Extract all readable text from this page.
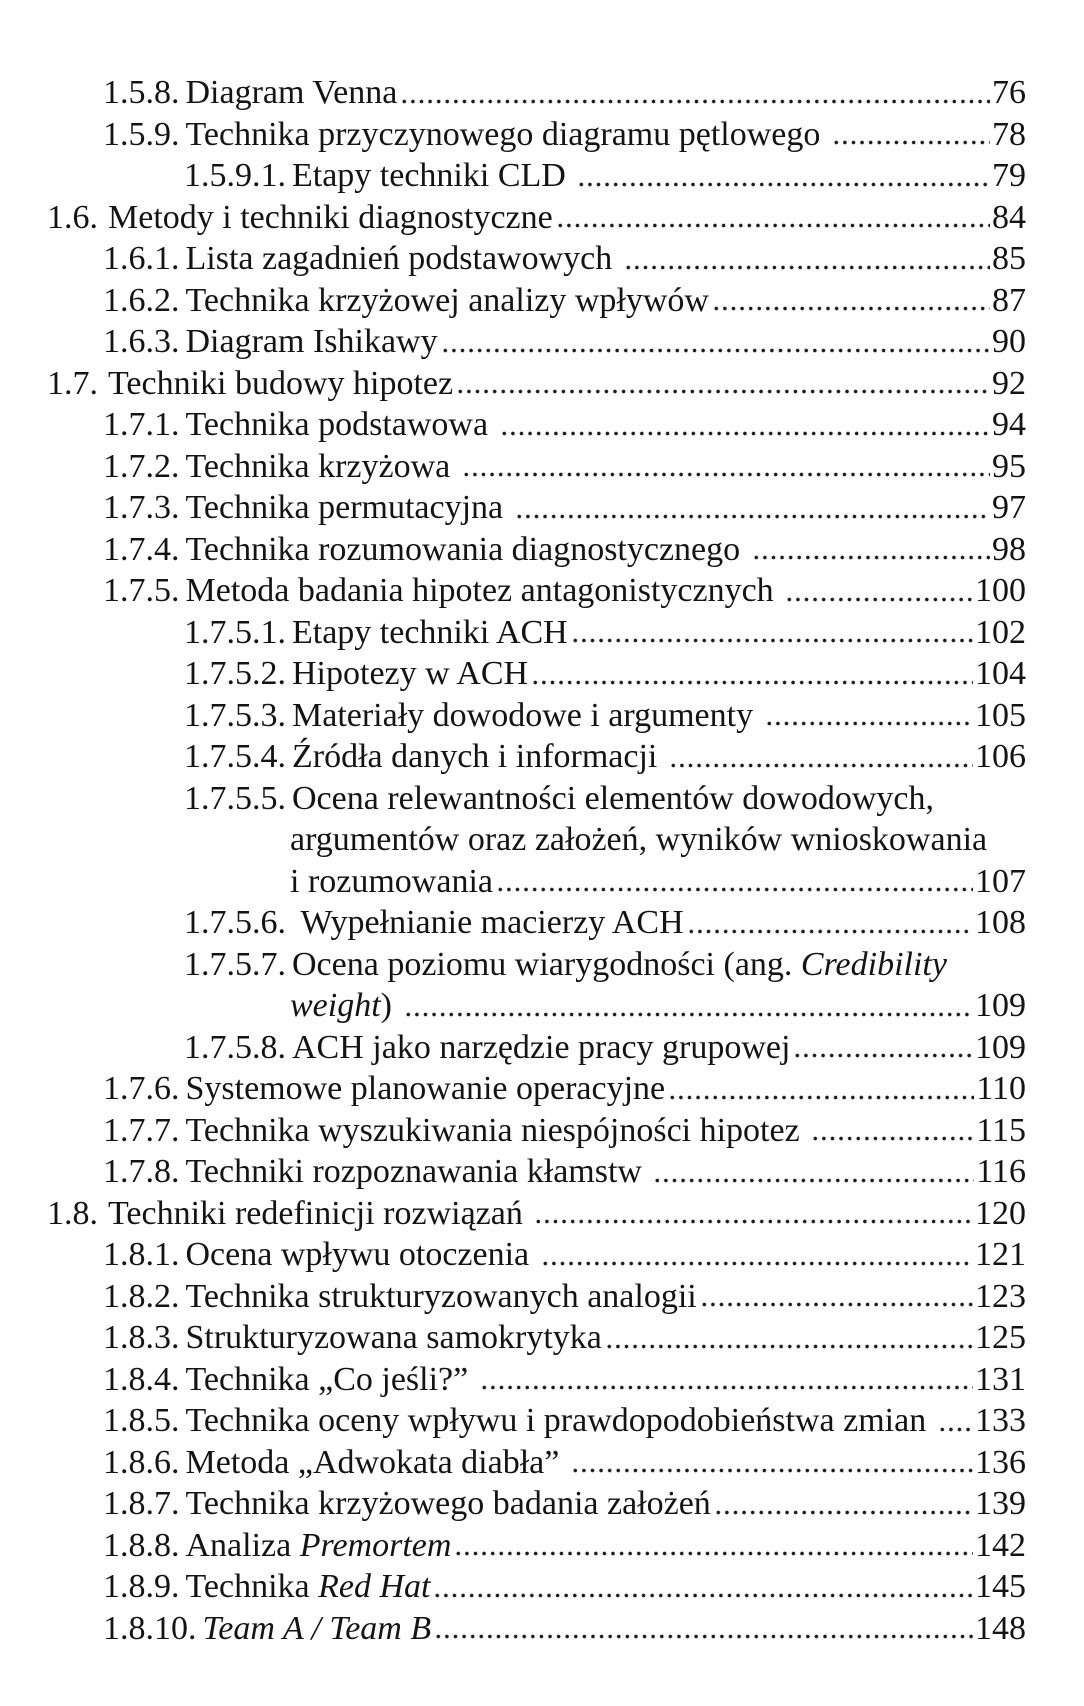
1.5.8. Diagram Venna	76
1.5.9. Technika przyczynowego diagramu pętlowego	78
1.5.9.1. Etapy techniki CLD	79
1.6. Metody i techniki diagnostyczne	84
1.6.1. Lista zagadnień podstawowych	85
1.6.2. Technika krzyżowej analizy wpływów	87
1.6.3. Diagram Ishikawy	90
1.7. Techniki budowy hipotez	92
1.7.1. Technika podstawowa	94
1.7.2. Technika krzyżowa	95
1.7.3. Technika permutacyjna	97
1.7.4. Technika rozumowania diagnostycznego	98
1.7.5. Metoda badania hipotez antagonistycznych	100
1.7.5.1. Etapy techniki ACH	102
1.7.5.2. Hipotezy w ACH	104
1.7.5.3. Materiały dowodowe i argumenty	105
1.7.5.4. Źródła danych i informacji	106
1.7.5.5. Ocena relewantności elementów dowodowych,
argumentów oraz założeń, wyników wnioskowania
i rozumowania	107
1.7.5.6. Wypełnianie macierzy ACH	108
1.7.5.7. Ocena poziomu wiarygodności (ang. Credibility
weight)	109
1.7.5.8. ACH jako narzędzie pracy grupowej	109
1.7.6. Systemowe planowanie operacyjne	110
1.7.7. Technika wyszukiwania niespójności hipotez	115
1.7.8. Techniki rozpoznawania kłamstw	116
1.8. Techniki redefinicji rozwiązań	120
1.8.1. Ocena wpływu otoczenia	121
1.8.2. Technika strukturyzowanych analogii	123
1.8.3. Strukturyzowana samokrytyka	125
1.8.4. Technika „Co jeśli?”	131
1.8.5. Technika oceny wpływu i prawdopodobieństwa zmian 133
1.8.6. Metoda „Adwokata diabła”	136
1.8.7. Technika krzyżowego badania założeń	139
1.8.8. Analiza Premortem	142
1.8.9. Technika Red Hat	145
1.8.10. Team A / Team B	148
